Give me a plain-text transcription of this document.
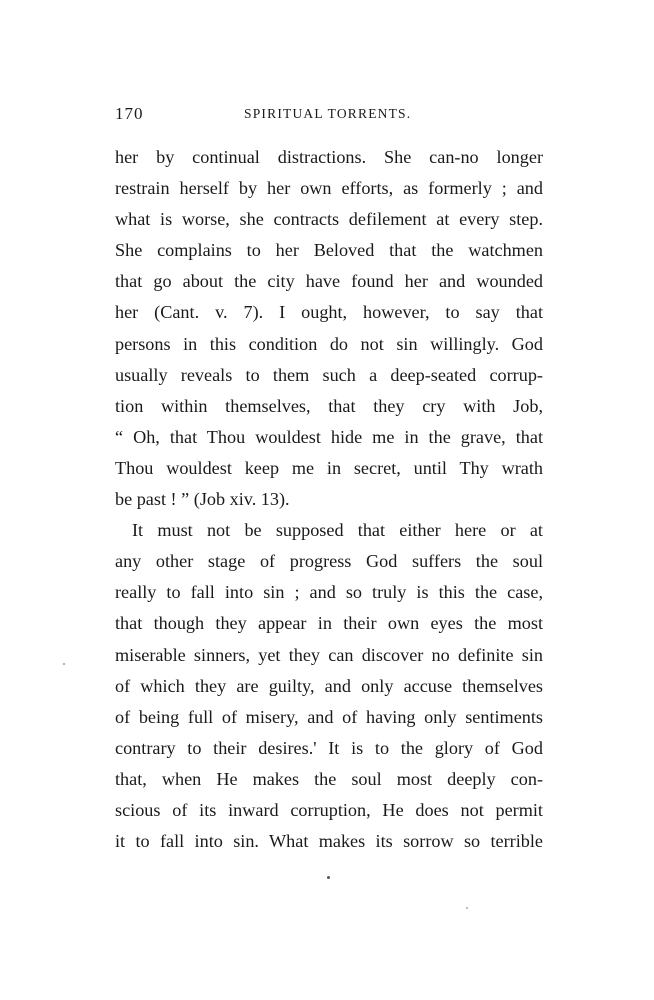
170	SPIRITUAL TORRENTS.
her by continual distractions. She can-no longer
restrain herself by her own efforts, as formerly ; and
what is worse, she contracts defilement at every step.
She complains to her Beloved that the watchmen
that go about the city have found her and wounded
her (Cant. v. 7). I ought, however, to say that
persons in this condition do not sin willingly. God
usually reveals to them such a deep-seated corrup-
tion within themselves, that they cry with Job,
“ Oh, that Thou wouldest hide me in the grave, that
Thou wouldest keep me in secret, until Thy wrath
be past ! ” (Job xiv. 13).
It must not be supposed that either here or at
any other stage of progress God suffers the soul
really to fall into sin ; and so truly is this the case,
that though they appear in their own eyes the most
miserable sinners, yet they can discover no definite sin
of which they are guilty, and only accuse themselves
of being full of misery, and of having only sentiments
contrary to their desires.' It is to the glory of God
that, when He makes the soul most deeply con-
scious of its inward corruption, He does not permit
it to fall into sin. What makes its sorrow so terrible
